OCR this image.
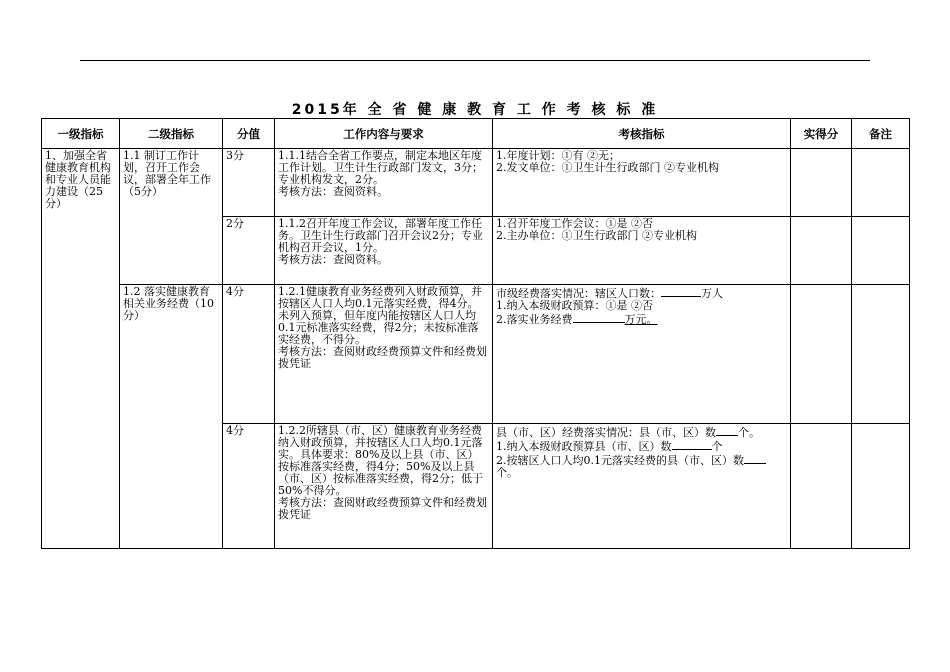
2015年 全 省 健 康 教 育 工 作 考 核 标 准
一级指标	二级指标	分值	工作内容与要求	考核指标	实得分	备注
1、加强全省健康教育机构和专业人员能力建设（25分）	1.1 制订工作计划，召开工作会议，部署全年工作（5分）	3分	1.1.1结合全省工作要点，制定本地区年度工作计划。卫生计生行政部门发文，3分；专业机构发文，2分。
考核方法：查阅资料。	1.年度计划：①有 ②无；
2.发文单位：①卫生计生行政部门 ②专业机构		

		2分	1.1.2召开年度工作会议，部署年度工作任务。卫生计生行政部门召开会议2分；专业机构召开会议，1分。
考核方法：查阅资料。	1.召开年度工作会议：①是 ②否
2.主办单位：①卫生行政部门 ②专业机构		

	1.2 落实健康教育相关业务经费（10分）	4分	1.2.1健康教育业务经费列入财政预算，并按辖区人口人均0.1元落实经费，得4分。未列入预算，但年度内能按辖区人口人均0.1元标准落实经费，得2分；未按标准落实经费，不得分。
考核方法：查阅财政经费预算文件和经费划拨凭证	市级经费落实情况：辖区人口数： 万人
1.纳入本级财政预算：①是 ②否
2.落实业务经费 万元。		

		4分	1.2.2所辖县（市、区）健康教育业务经费纳入财政预算，并按辖区人口人均0.1元落实。具体要求：80%及以上县（市、区）按标准落实经费，得4分；50%及以上县（市、区）按标准落实经费，得2分；低于50%不得分。
考核方法：查阅财政经费预算文件和经费划拨凭证	县（市、区）经费落实情况：县（市、区）数 个。
1.纳入本级财政预算县（市、区）数 个
2.按辖区人口人均0.1元落实经费的县（市、区）数个。		
